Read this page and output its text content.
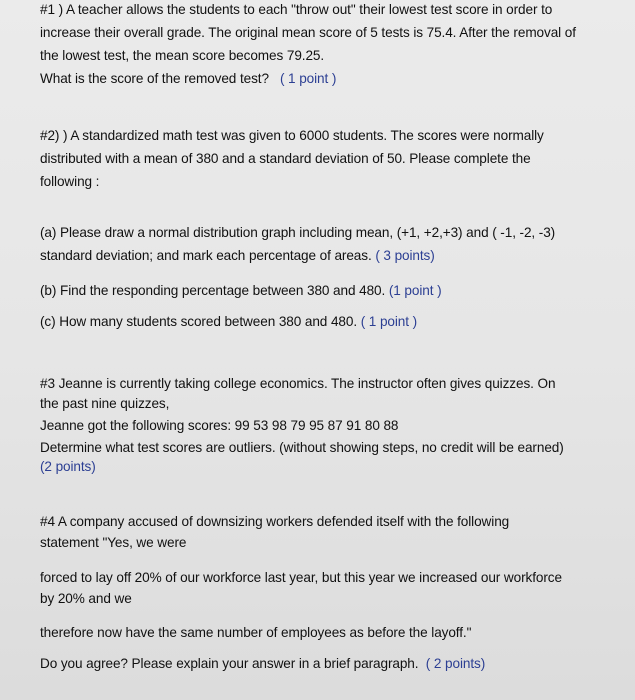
#1 ) A teacher allows the students to each "throw out" their lowest test score in order to
increase their overall grade. The original mean score of 5 tests is 75.4. After the removal of
the lowest test, the mean score becomes 79.25.
What is the score of the removed test? ( 1 point )
#2) ) A standardized math test was given to 6000 students. The scores were normally
distributed with a mean of 380 and a standard deviation of 50. Please complete the
following :
(a) Please draw a normal distribution graph including mean, (+1, +2,+3) and ( -1, -2, -3)
standard deviation; and mark each percentage of areas. ( 3 points)
(b) Find the responding percentage between 380 and 480. (1 point )
(c) How many students scored between 380 and 480. ( 1 point )
#3 Jeanne is currently taking college economics. The instructor often gives quizzes. On
the past nine quizzes,
Jeanne got the following scores: 99 53 98 79 95 87 91 80 88
Determine what test scores are outliers. (without showing steps, no credit will be earned)
(2 points)
#4 A company accused of downsizing workers defended itself with the following
statement "Yes, we were
forced to lay off 20% of our workforce last year, but this year we increased our workforce
by 20% and we
therefore now have the same number of employees as before the layoff."
Do you agree? Please explain your answer in a brief paragraph. ( 2 points)
